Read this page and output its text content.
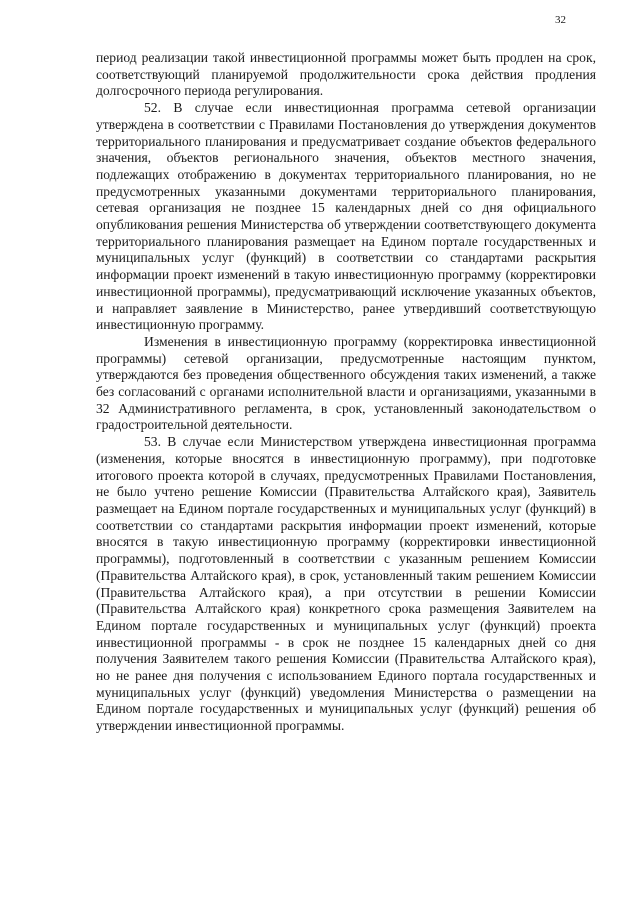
32

период реализации такой инвестиционной программы может быть продлен на срок, соответствующий планируемой продолжительности срока действия продления долгосрочного периода регулирования.

52. В случае если инвестиционная программа сетевой организации утверждена в соответствии с Правилами Постановления до утверждения документов территориального планирования и предусматривает создание объектов федерального значения, объектов регионального значения, объектов местного значения, подлежащих отображению в документах территориального планирования, но не предусмотренных указанными документами территориального планирования, сетевая организация не позднее 15 календарных дней со дня официального опубликования решения Министерства об утверждении соответствующего документа территориального планирования размещает на Едином портале государственных и муниципальных услуг (функций) в соответствии со стандартами раскрытия информации проект изменений в такую инвестиционную программу (корректировки инвестиционной программы), предусматривающий исключение указанных объектов, и направляет заявление в Министерство, ранее утвердивший соответствующую инвестиционную программу.

Изменения в инвестиционную программу (корректировка инвестиционной программы) сетевой организации, предусмотренные настоящим пунктом, утверждаются без проведения общественного обсуждения таких изменений, а также без согласований с органами исполнительной власти и организациями, указанными в 32 Административного регламента, в срок, установленный законодательством о градостроительной деятельности.

53. В случае если Министерством утверждена инвестиционная программа (изменения, которые вносятся в инвестиционную программу), при подготовке итогового проекта которой в случаях, предусмотренных Правилами Постановления, не было учтено решение Комиссии (Правительства Алтайского края), Заявитель размещает на Едином портале государственных и муниципальных услуг (функций) в соответствии со стандартами раскрытия информации проект изменений, которые вносятся в такую инвестиционную программу (корректировки инвестиционной программы), подготовленный в соответствии с указанным решением Комиссии (Правительства Алтайского края), в срок, установленный таким решением Комиссии (Правительства Алтайского края), а при отсутствии в решении Комиссии (Правительства Алтайского края) конкретного срока размещения Заявителем на Едином портале государственных и муниципальных услуг (функций) проекта инвестиционной программы - в срок не позднее 15 календарных дней со дня получения Заявителем такого решения Комиссии (Правительства Алтайского края), но не ранее дня получения с использованием Единого портала государственных и муниципальных услуг (функций) уведомления Министерства о размещении на Едином портале государственных и муниципальных услуг (функций) решения об утверждении инвестиционной программы.
